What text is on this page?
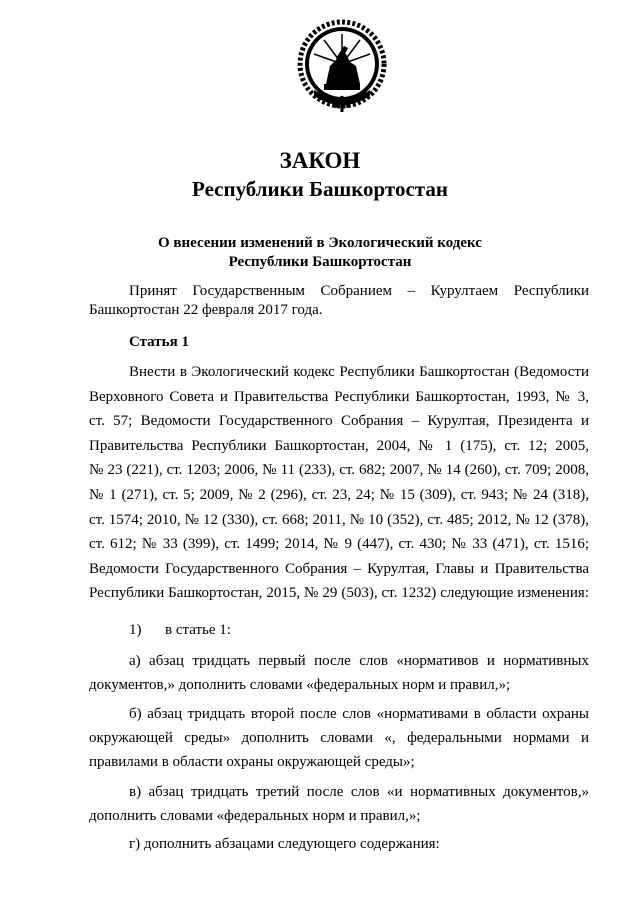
ЗАКОН
Республики Башкортостан
О внесении изменений в Экологический кодекс
Республики Башкортостан
Принят Государственным Собранием – Курултаем Республики
Башкортостан 22 февраля 2017 года.
Статья 1
Внести в Экологический кодекс Республики Башкортостан (Ведомости
Верховного Совета и Правительства Республики Башкортостан, 1993, № 3,
ст. 57; Ведомости Государственного Собрания – Курултая, Президента и
Правительства Республики Башкортостан, 2004, № 1 (175), ст. 12; 2005,
№ 23 (221), ст. 1203; 2006, № 11 (233), ст. 682; 2007, № 14 (260), ст. 709; 2008,
№ 1 (271), ст. 5; 2009, № 2 (296), ст. 23, 24; № 15 (309), ст. 943; № 24 (318),
ст. 1574; 2010, № 12 (330), ст. 668; 2011, № 10 (352), ст. 485; 2012, № 12 (378),
ст. 612; № 33 (399), ст. 1499; 2014, № 9 (447), ст. 430; № 33 (471), ст. 1516;
Ведомости Государственного Собрания – Курултая, Главы и Правительства
Республики Башкортостан, 2015, № 29 (503), ст. 1232) следующие изменения:
1) в статье 1:
а) абзац тридцать первый после слов «нормативов и нормативных
документов,» дополнить словами «федеральных норм и правил,»;
б) абзац тридцать второй после слов «нормативами в области охраны
окружающей среды» дополнить словами «, федеральными нормами и
правилами в области охраны окружающей среды»;
в) абзац тридцать третий после слов «и нормативных документов,»
дополнить словами «федеральных норм и правил,»;
г) дополнить абзацами следующего содержания:
